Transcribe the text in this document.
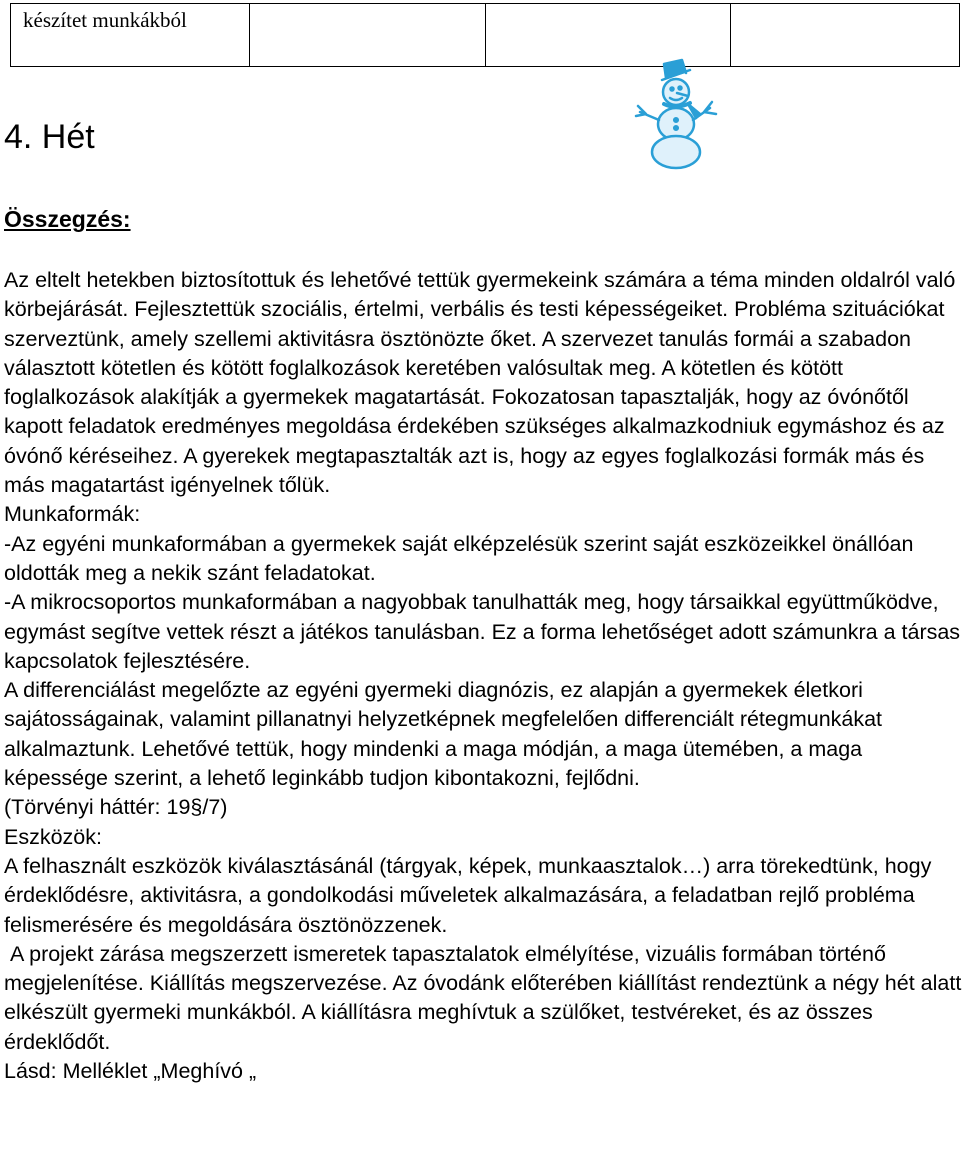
készítet munkákból			
4. Hét
Összegzés:

Az eltelt hetekben biztosítottuk és lehetővé tettük gyermekeink számára a téma minden oldalról való körbejárását. Fejlesztettük szociális, értelmi, verbális és testi képességeiket. Probléma szituációkat szerveztünk, amely szellemi aktivitásra ösztönözte őket. A szervezet tanulás formái a szabadon választott kötetlen és kötött foglalkozások keretében valósultak meg. A kötetlen és kötött foglalkozások alakítják a gyermekek magatartását. Fokozatosan tapasztalják, hogy az óvónőtől kapott feladatok eredményes megoldása érdekében szükséges alkalmazkodniuk egymáshoz és az óvónő kéréseihez. A gyerekek megtapasztalták azt is, hogy az egyes foglalkozási formák más és más magatartást igényelnek tőlük.

Munkaformák:

-Az egyéni munkaformában a gyermekek saját elképzelésük szerint saját eszközeikkel önállóan oldották meg a nekik szánt feladatokat.

-A mikrocsoportos munkaformában a nagyobbak tanulhatták meg, hogy társaikkal együttműködve, egymást segítve vettek részt a játékos tanulásban. Ez a forma lehetőséget adott számunkra a társas kapcsolatok fejlesztésére.

A differenciálást megelőzte az egyéni gyermeki diagnózis, ez alapján a gyermekek életkori sajátosságainak, valamint pillanatnyi helyzetképnek megfelelően differenciált rétegmunkákat alkalmaztunk. Lehetővé tettük, hogy mindenki a maga módján, a maga ütemében, a maga képessége szerint, a lehető leginkább tudjon kibontakozni, fejlődni.

(Törvényi háttér: 19§/7)

Eszközök:

A felhasznált eszközök kiválasztásánál (tárgyak, képek, munkaasztalok…) arra törekedtünk, hogy érdeklődésre, aktivitásra, a gondolkodási műveletek alkalmazására, a feladatban rejlő probléma felismerésére és megoldására ösztönözzenek.

A projekt zárása megszerzett ismeretek tapasztalatok elmélyítése, vizuális formában történő megjelenítése. Kiállítás megszervezése. Az óvodánk előterében kiállítást rendeztünk a négy hét alatt elkészült gyermeki munkákból. A kiállításra meghívtuk a szülőket, testvéreket, és az összes érdeklődőt.

Lásd: Melléklet „Meghívó „
